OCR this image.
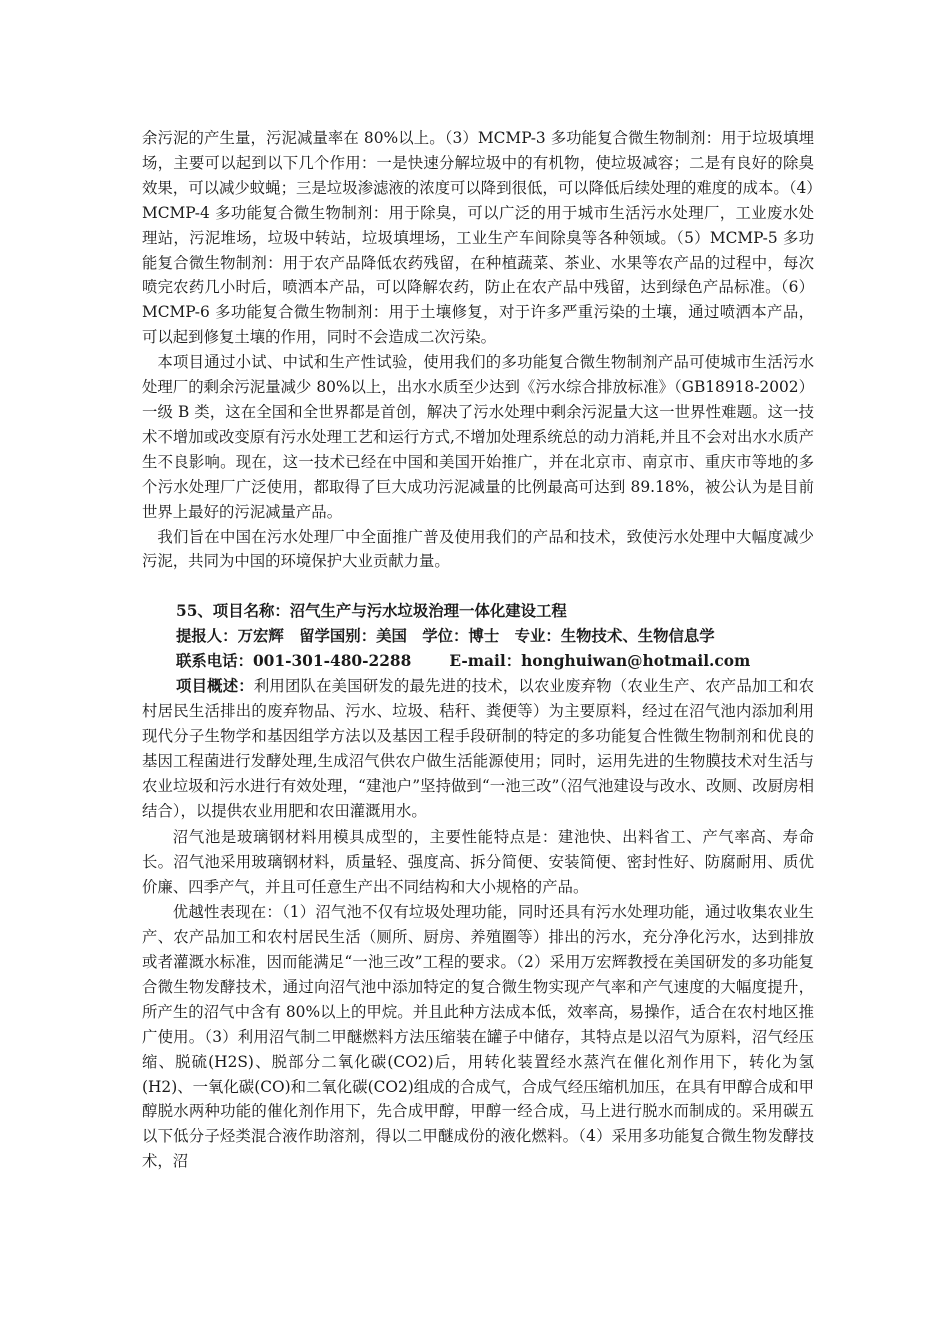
余污泥的产生量，污泥减量率在 80%以上。（3）MCMP-3 多功能复合微生物制剂：用于垃圾填埋场，主要可以起到以下几个作用：一是快速分解垃圾中的有机物，使垃圾减容；二是有良好的除臭效果，可以减少蚊蝇；三是垃圾渗滤液的浓度可以降到很低，可以降低后续处理的难度的成本。（4）MCMP-4 多功能复合微生物制剂：用于除臭，可以广泛的用于城市生活污水处理厂，工业废水处理站，污泥堆场，垃圾中转站，垃圾填埋场，工业生产车间除臭等各种领域。（5）MCMP-5 多功能复合微生物制剂：用于农产品降低农药残留，在种植蔬菜、茶业、水果等农产品的过程中，每次喷完农药几小时后，喷洒本产品，可以降解农药，防止在农产品中残留，达到绿色产品标准。（6）MCMP-6 多功能复合微生物制剂：用于土壤修复，对于许多严重污染的土壤，通过喷洒本产品，可以起到修复土壤的作用，同时不会造成二次污染。

本项目通过小试、中试和生产性试验，使用我们的多功能复合微生物制剂产品可使城市生活污水处理厂的剩余污泥量减少 80%以上，出水水质至少达到《污水综合排放标准》（GB18918-2002）一级 B 类，这在全国和全世界都是首创，解决了污水处理中剩余污泥量大这一世界性难题。这一技术不增加或改变原有污水处理工艺和运行方式,不增加处理系统总的动力消耗,并且不会对出水水质产生不良影响。现在，这一技术已经在中国和美国开始推广，并在北京市、南京市、重庆市等地的多个污水处理厂广泛使用，都取得了巨大成功污泥减量的比例最高可达到 89.18%，被公认为是目前世界上最好的污泥减量产品。

我们旨在中国在污水处理厂中全面推广普及使用我们的产品和技术，致使污水处理中大幅度减少污泥，共同为中国的环境保护大业贡献力量。

55、项目名称：沼气生产与污水垃圾治理一体化建设工程

提报人：万宏辉　留学国别：美国　学位：博士　专业：生物技术、生物信息学

联系电话：001-301-480-2288 E-mail：honghuiwan@hotmail.com

项目概述：利用团队在美国研发的最先进的技术，以农业废弃物（农业生产、农产品加工和农村居民生活排出的废弃物品、污水、垃圾、秸秆、粪便等）为主要原料，经过在沼气池内添加利用现代分子生物学和基因组学方法以及基因工程手段研制的特定的多功能复合性微生物制剂和优良的基因工程菌进行发酵处理,生成沼气供农户做生活能源使用；同时，运用先进的生物膜技术对生活与农业垃圾和污水进行有效处理，“建池户”坚持做到“一池三改”（沼气池建设与改水、改厕、改厨房相结合），以提供农业用肥和农田灌溉用水。

沼气池是玻璃钢材料用模具成型的，主要性能特点是：建池快、出料省工、产气率高、寿命长。沼气池采用玻璃钢材料，质量轻、强度高、拆分简便、安装简便、密封性好、防腐耐用、质优价廉、四季产气，并且可任意生产出不同结构和大小规格的产品。

优越性表现在：（1）沼气池不仅有垃圾处理功能，同时还具有污水处理功能，通过收集农业生产、农产品加工和农村居民生活（厕所、厨房、养殖圈等）排出的污水，充分净化污水，达到排放或者灌溉水标准，因而能满足“一池三改”工程的要求。（2）采用万宏辉教授在美国研发的多功能复合微生物发酵技术，通过向沼气池中添加特定的复合微生物实现产气率和产气速度的大幅度提升，所产生的沼气中含有 80%以上的甲烷。并且此种方法成本低，效率高，易操作，适合在农村地区推广使用。（3）利用沼气制二甲醚燃料方法压缩装在罐子中储存，其特点是以沼气为原料，沼气经压缩、脱硫(H2S)、脱部分二氧化碳(CO2)后，用转化装置经水蒸汽在催化剂作用下，转化为氢(H2)、一氧化碳(CO)和二氧化碳(CO2)组成的合成气，合成气经压缩机加压，在具有甲醇合成和甲醇脱水两种功能的催化剂作用下，先合成甲醇，甲醇一经合成，马上进行脱水而制成的。采用碳五以下低分子烃类混合液作助溶剂，得以二甲醚成份的液化燃料。（4）采用多功能复合微生物发酵技术，沼
